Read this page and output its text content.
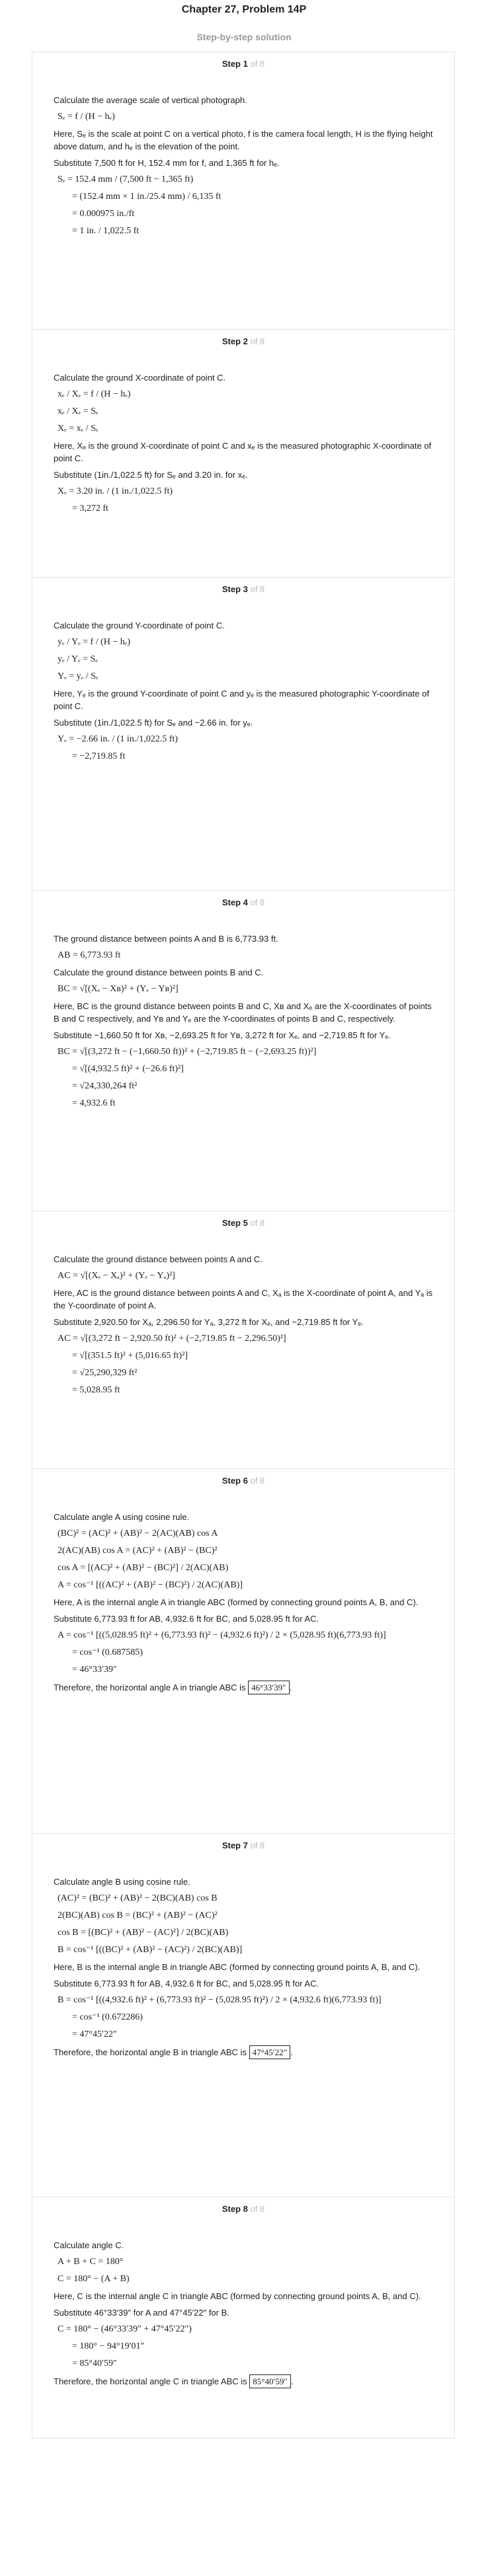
Chapter 27, Problem 14P
Step-by-step solution
Step 1 of 8

Calculate the average scale of vertical photograph.

Sₑ = f / (H − hₑ)

Here, Sₑ is the scale at point C on a vertical photo, f is the camera focal length, H is the flying height above datum, and hₑ is the elevation of the point.

Substitute 7,500 ft for H, 152.4 mm for f, and 1,365 ft for hₑ.

Sₑ = 152.4 mm / (7,500 ft − 1,365 ft)
= (152.4 mm × 1 in./25.4 mm) / 6,135 ft
= 0.000975 in./ft
= 1 in. / 1,022.5 ft
Step 2 of 8

Calculate the ground X-coordinate of point C.

xₑ / Xₑ = f / (H − hₑ)
xₑ / Xₑ = Sₑ
Xₑ = xₑ / Sₑ

Here, Xₑ is the ground X-coordinate of point C and xₑ is the measured photographic X-coordinate of point C.

Substitute (1in./1,022.5 ft) for Sₑ and 3.20 in. for xₑ.

Xₑ = 3.20 in. / (1 in./1,022.5 ft)
= 3,272 ft
Step 3 of 8

Calculate the ground Y-coordinate of point C.

yₑ / Yₑ = f / (H − hₑ)
yₑ / Yₑ = Sₑ
Yₑ = yₑ / Sₑ

Here, Yₑ is the ground Y-coordinate of point C and yₑ is the measured photographic Y-coordinate of point C.

Substitute (1in./1,022.5 ft) for Sₑ and −2.66 in. for yₑ.

Yₑ = −2.66 in. / (1 in./1,022.5 ft)
= −2,719.85 ft
Step 4 of 8

The ground distance between points A and B is 6,773.93 ft.

AB = 6,773.93 ft

Calculate the ground distance between points B and C.

BC = √[(Xₑ − Xʙ)² + (Yₑ − Yʙ)²]

Here, BC is the ground distance between points B and C, Xʙ and Xₑ are the X-coordinates of points B and C respectively, and Yʙ and Yₑ are the Y-coordinates of points B and C, respectively.

Substitute −1,660.50 ft for Xʙ, −2,693.25 ft for Yʙ, 3,272 ft for Xₑ, and −2,719.85 ft for Yₑ.

BC = √[(3,272 ft − (−1,660.50 ft))² + (−2,719.85 ft − (−2,693.25 ft))²]
= √[(4,932.5 ft)² + (−26.6 ft)²]
= √24,330,264 ft²
= 4,932.6 ft
Step 5 of 8

Calculate the ground distance between points A and C.

AC = √[(Xₑ − Xₐ)² + (Yₑ − Yₐ)²]

Here, AC is the ground distance between points A and C, Xₐ is the X-coordinate of point A, and Yₐ is the Y-coordinate of point A.

Substitute 2,920.50 for Xₐ, 2,296.50 for Yₐ, 3,272 ft for Xₑ, and −2,719.85 ft for Yₑ.

AC = √[(3,272 ft − 2,920.50 ft)² + (−2,719.85 ft − 2,296.50)²]
= √[(351.5 ft)² + (5,016.65 ft)²]
= √25,290,329 ft²
= 5,028.95 ft
Step 6 of 8

Calculate angle A using cosine rule.

(BC)² = (AC)² + (AB)² − 2(AC)(AB) cos A
2(AC)(AB) cos A = (AC)² + (AB)² − (BC)²
cos A = [(AC)² + (AB)² − (BC)²] / 2(AC)(AB)
A = cos⁻¹ [((AC)² + (AB)² − (BC)²) / 2(AC)(AB)]

Here, A is the internal angle A in triangle ABC (formed by connecting ground points A, B, and C).

Substitute 6,773.93 ft for AB, 4,932.6 ft for BC, and 5,028.95 ft for AC.

A = cos⁻¹ [((5,028.95 ft)² + (6,773.93 ft)² − (4,932.6 ft)²) / 2 × (5,028.95 ft)(6,773.93 ft)]
= cos⁻¹ (0.687585)
= 46°33′39″

Therefore, the horizontal angle A in triangle ABC is 46°33′39″ .

Step 7 of 8

Calculate angle B using cosine rule.

(AC)² = (BC)² + (AB)² − 2(BC)(AB) cos B
2(BC)(AB) cos B = (BC)² + (AB)² − (AC)²
cos B = [(BC)² + (AB)² − (AC)²] / 2(BC)(AB)
B = cos⁻¹ [((BC)² + (AB)² − (AC)²) / 2(BC)(AB)]

Here, B is the internal angle B in triangle ABC (formed by connecting ground points A, B, and C).

Substitute 6,773.93 ft for AB, 4,932.6 ft for BC, and 5,028.95 ft for AC.

B = cos⁻¹ [((4,932.6 ft)² + (6,773.93 ft)² − (5,028.95 ft)²) / 2 × (4,932.6 ft)(6,773.93 ft)]
= cos⁻¹ (0.672286)
= 47°45′22″

Therefore, the horizontal angle B in triangle ABC is 47°45′22″ .

Step 8 of 8

Calculate angle C.

A + B + C = 180°
C = 180° − (A + B)

Here, C is the internal angle C in triangle ABC (formed by connecting ground points A, B, and C).

Substitute 46°33′39″ for A and 47°45′22″ for B.

C = 180° − (46°33′39″ + 47°45′22″)
= 180° − 94°19′01″
= 85°40′59″

Therefore, the horizontal angle C in triangle ABC is 85°40′59″ .
